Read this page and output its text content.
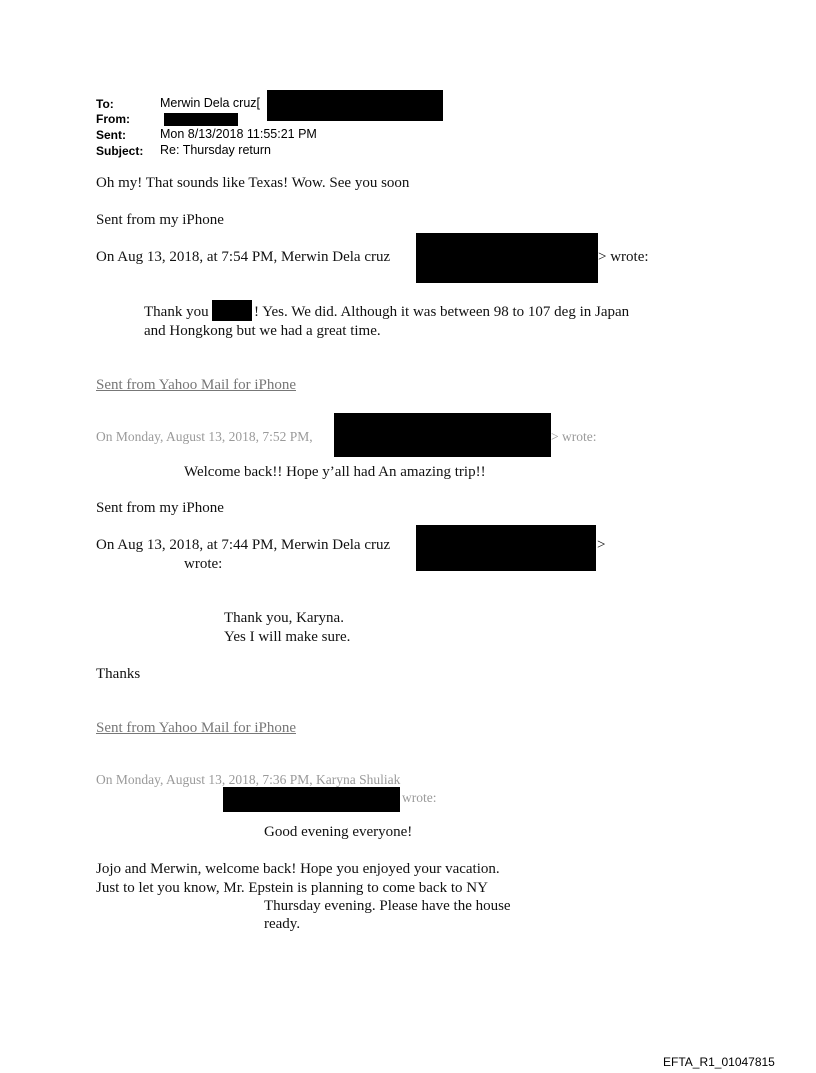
To:	Merwin Dela cruz[
From:
Sent:	Mon 8/13/2018 11:55:21 PM
Subject: Re: Thursday return
Oh my! That sounds like Texas! Wow. See you soon
Sent from my iPhone
On Aug 13, 2018, at 7:54 PM, Merwin Dela cruz	> wrote:
Thank you	! Yes. We did. Although it was between 98 to 107 deg in Japan
and Hongkong but we had a great time.
Sent from Yahoo Mail for iPhone
On Monday, August 13, 2018, 7:52 PM,	> wrote:
Welcome back!! Hope y’all had An amazing trip!!
Sent from my iPhone
On Aug 13, 2018, at 7:44 PM, Merwin Dela cruz	>
wrote:
Thank you, Karyna.
Yes I will make sure.
Thanks
Sent from Yahoo Mail for iPhone
On Monday, August 13, 2018, 7:36 PM, Karyna Shuliak
wrote:
Good evening everyone!
Jojo and Merwin, welcome back! Hope you enjoyed your vacation.
Just to let you know, Mr. Epstein is planning to come back to NY
Thursday evening. Please have the house
ready.
EFTA_R1_01047815
